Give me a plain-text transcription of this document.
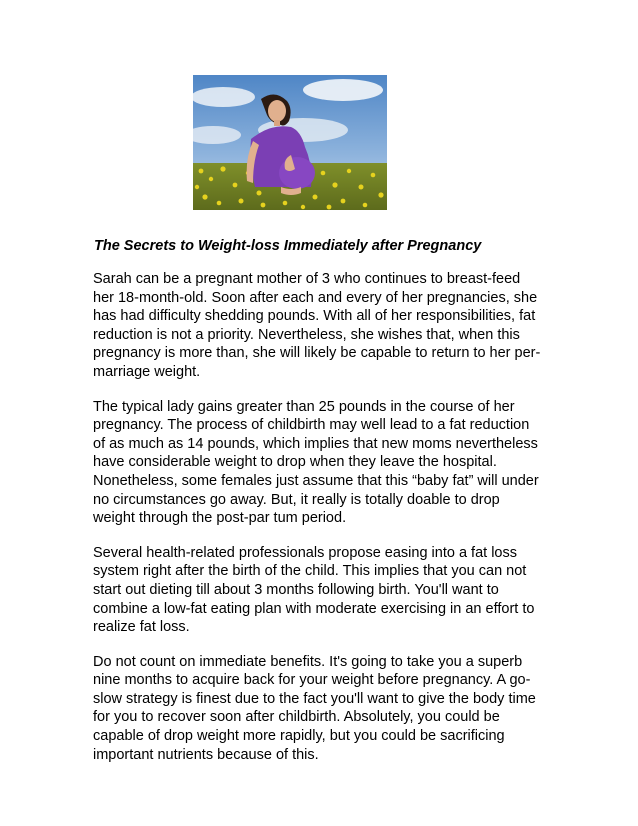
The Secrets to Weight-loss Immediately after Pregnancy

Sarah can be a pregnant mother of 3 who continues to breast-feed
her 18-month-old. Soon after each and every of her pregnancies, she
has had difficulty shedding pounds. With all of her responsibilities, fat
reduction is not a priority. Nevertheless, she wishes that, when this
pregnancy is more than, she will likely be capable to return to her per-
marriage weight.

The typical lady gains greater than 25 pounds in the course of her
pregnancy. The process of childbirth may well lead to a fat reduction
of as much as 14 pounds, which implies that new moms nevertheless
have considerable weight to drop when they leave the hospital.
Nonetheless, some females just assume that this “baby fat” will under
no circumstances go away. But, it really is totally doable to drop
weight through the post-par tum period.

Several health-related professionals propose easing into a fat loss
system right after the birth of the child. This implies that you can not
start out dieting till about 3 months following birth. You'll want to
combine a low-fat eating plan with moderate exercising in an effort to
realize fat loss.

Do not count on immediate benefits. It's going to take you a superb
nine months to acquire back for your weight before pregnancy. A go-
slow strategy is finest due to the fact you'll want to give the body time
for you to recover soon after childbirth. Absolutely, you could be
capable of drop weight more rapidly, but you could be sacrificing
important nutrients because of this.
